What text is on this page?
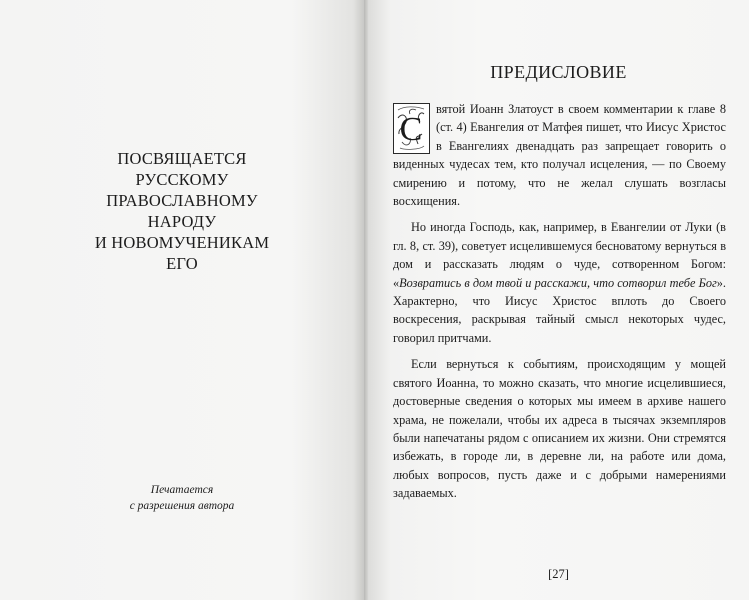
ПОСВЯЩАЕТСЯ
РУССКОМУ
ПРАВОСЛАВНОМУ
НАРОДУ
И НОВОМУЧЕНИКАМ
ЕГО
Печатается
с разрешения автора
ПРЕДИСЛОВИЕ

С
вятой Иоанн Златоуст в своем комментарии к главе 8 (ст. 4) Евангелия от Матфея пишет, что Иисус Христос в Евангелиях двенадцать раз запрещает говорить о виденных чудесах тем, кто получал исцеления, — по Своему смирению и потому, что не желал слушать возгласы восхищения.

Но иногда Господь, как, например, в Евангелии от Луки (в гл. 8, ст. 39), советует исцелившемуся бесноватому вернуться в дом и рассказать людям о чуде, сотворенном Богом: «Возвратись в дом твой и расскажи, что сотворил тебе Бог». Характерно, что Иисус Христос вплоть до Своего воскресения, раскрывая тайный смысл некоторых чудес, говорил притчами.

Если вернуться к событиям, происходящим у мощей святого Иоанна, то можно сказать, что многие исцелившиеся, достоверные сведения о которых мы имеем в архиве нашего храма, не пожелали, чтобы их адреса в тысячах экземпляров были напечатаны рядом с описанием их жизни. Они стремятся избежать, в городе ли, в деревне ли, на работе или дома, любых вопросов, пусть даже и с добрыми намерениями задаваемых.

[27]
